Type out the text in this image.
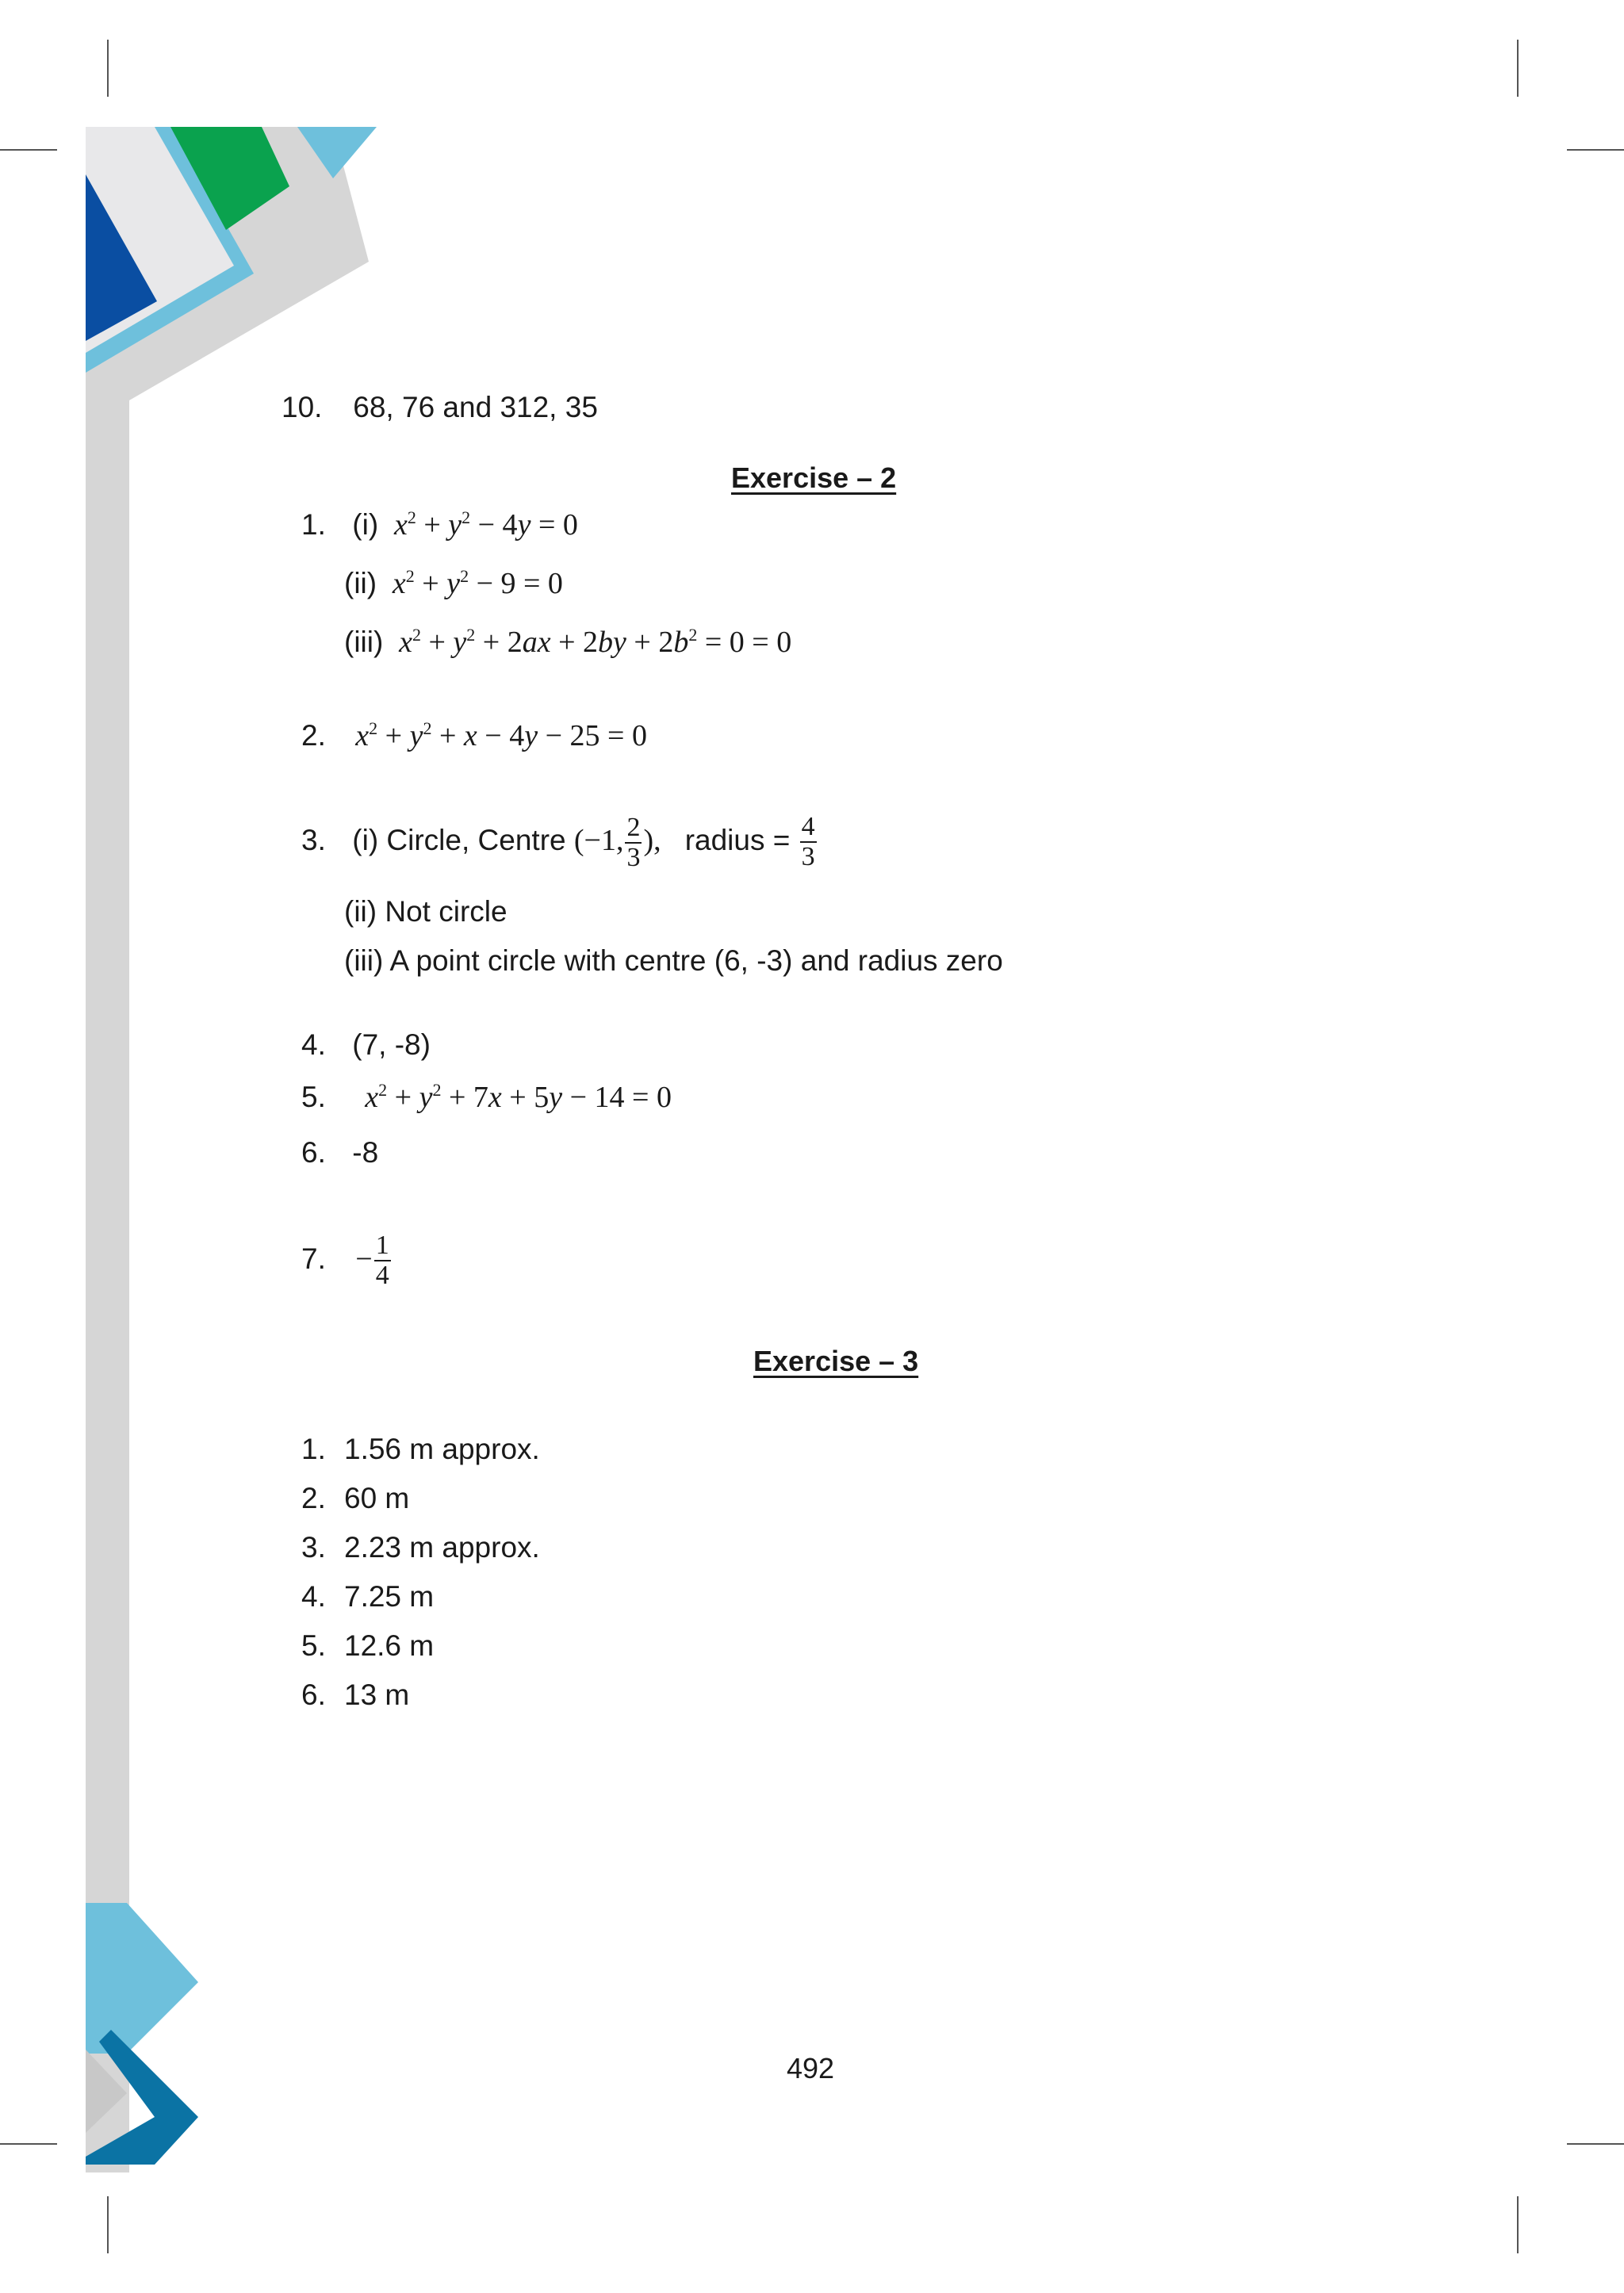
10. 68, 76 and 312, 35
Exercise – 2
1. (i) $x^2 + y^2 - 4y = 0$
(ii) $x^2 + y^2 - 9 = 0$
(iii) $x^2 + y^2 + 2ax + 2by + 2b^2 = 0 = 0$
2. $x^2 + y^2 + x - 4y - 25 = 0$
3. (i) Circle, Centre (−1, $\frac{2}{3}$ ), radius = $\frac{4}{3}$
(ii) Not circle
(iii) A point circle with centre (6, -3) and radius zero
4. (7, -8)
5. $x^2 + y^2 + 7x + 5y - 14 = 0$
6. -8
7. − $\frac{1}{4}$
Exercise – 3
1. 1.56 m approx.
2. 60 m
3. 2.23 m approx.
4. 7.25 m
5. 12.6 m
6. 13 m
492
